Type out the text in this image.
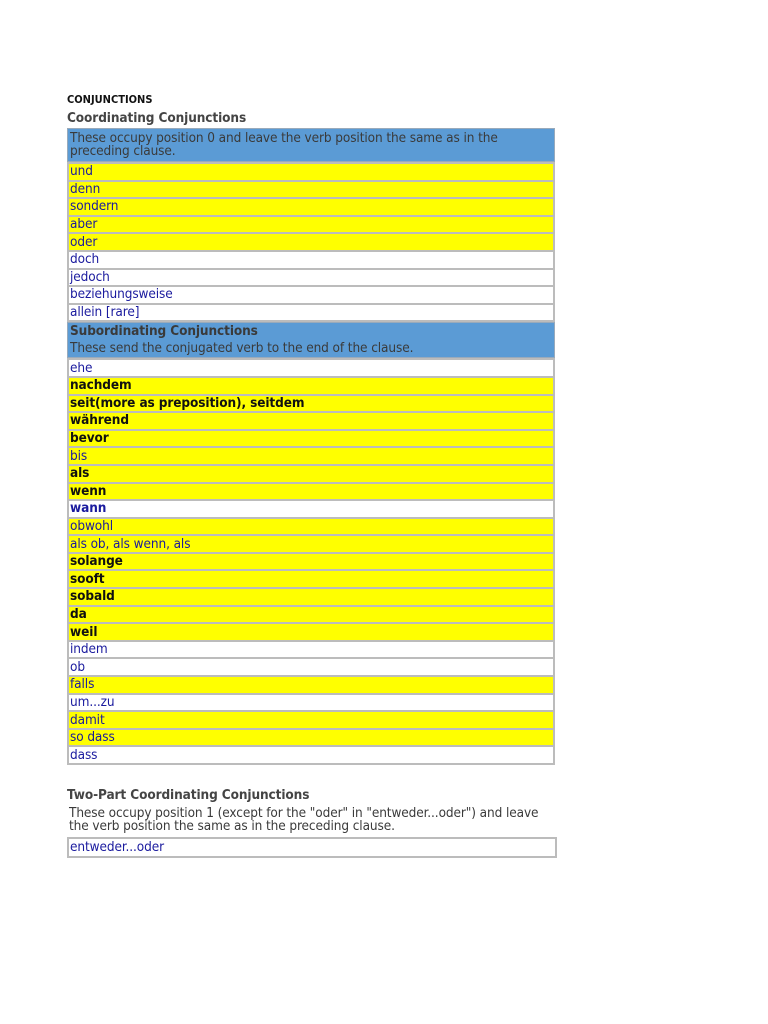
CONJUNCTIONS
Coordinating Conjunctions
These occupy position 0 and leave the verb position the same as in the preceding clause.
und
denn
sondern
aber
oder
doch
jedoch
beziehungsweise
allein [rare]
Subordinating Conjunctions
These send the conjugated verb to the end of the clause.
ehe
nachdem
seit(more as preposition), seitdem
während
bevor
bis
als
wenn
wann
obwohl
als ob, als wenn, als
solange
sooft
sobald
da
weil
indem
ob
falls
um...zu
damit
so dass
dass
Two-Part Coordinating Conjunctions
These occupy position 1 (except for the "oder" in "entweder...oder") and leave the verb position the same as in the preceding clause.
entweder...oder
